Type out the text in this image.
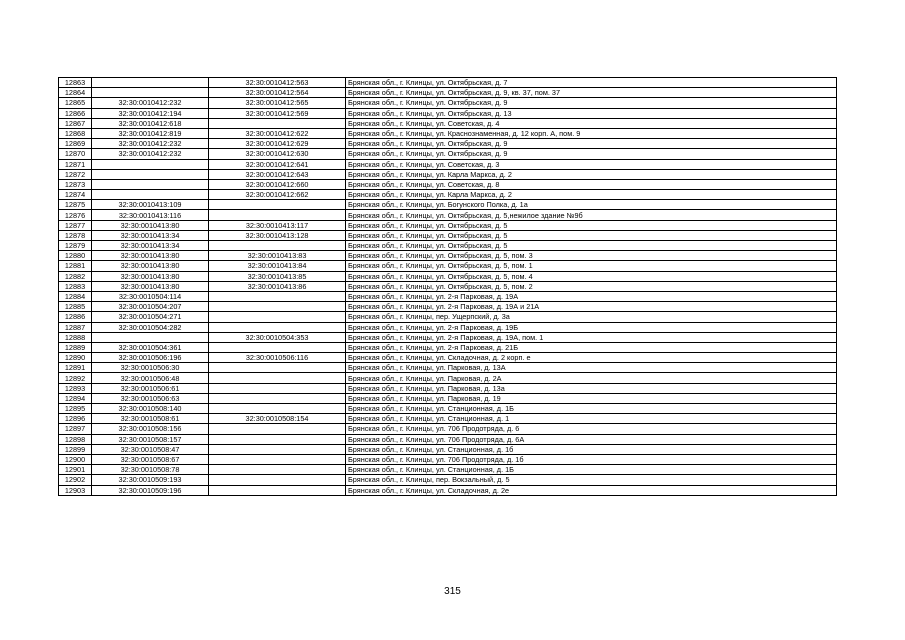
12863		32:30:0010412:563	Брянская обл., г. Клинцы, ул. Октябрьская, д. 7
12864		32:30:0010412:564	Брянская обл., г. Клинцы, ул. Октябрьская, д. 9, кв. 37, пом. 37
12865	32:30:0010412:232	32:30:0010412:565	Брянская обл., г. Клинцы, ул. Октябрьская, д. 9
12866	32:30:0010412:194	32:30:0010412:569	Брянская обл., г. Клинцы, ул. Октябрьская, д. 13
12867	32:30:0010412:618		Брянская обл., г. Клинцы, ул. Советская, д. 4
12868	32:30:0010412:819	32:30:0010412:622	Брянская обл., г. Клинцы, ул. Краснознаменная, д. 12 корп. А, пом. 9
12869	32:30:0010412:232	32:30:0010412:629	Брянская обл., г. Клинцы, ул. Октябрьская, д. 9
12870	32:30:0010412:232	32:30:0010412:630	Брянская обл., г. Клинцы, ул. Октябрьская, д. 9
12871		32:30:0010412:641	Брянская обл., г. Клинцы, ул. Советская, д. 3
12872		32:30:0010412:643	Брянская обл., г. Клинцы, ул. Карла Маркса, д. 2
12873		32:30:0010412:660	Брянская обл., г. Клинцы, ул. Советская, д. 8
12874		32:30:0010412:662	Брянская обл., г. Клинцы, ул. Карла Маркса, д. 2
12875	32:30:0010413:109		Брянская обл., г. Клинцы, ул. Богунского Полка, д. 1а
12876	32:30:0010413:116		Брянская обл., г. Клинцы, ул. Октябрьская, д. 5,нежилое здание №9б
12877	32:30:0010413:80	32:30:0010413:117	Брянская обл., г. Клинцы, ул. Октябрьская, д. 5
12878	32:30:0010413:34	32:30:0010413:128	Брянская обл., г. Клинцы, ул. Октябрьская, д. 5
12879	32:30:0010413:34		Брянская обл., г. Клинцы, ул. Октябрьская, д. 5
12880	32:30:0010413:80	32:30:0010413:83	Брянская обл., г. Клинцы, ул. Октябрьская, д. 5, пом. 3
12881	32:30:0010413:80	32:30:0010413:84	Брянская обл., г. Клинцы, ул. Октябрьская, д. 5, пом. 1
12882	32:30:0010413:80	32:30:0010413:85	Брянская обл., г. Клинцы, ул. Октябрьская, д. 5, пом. 4
12883	32:30:0010413:80	32:30:0010413:86	Брянская обл., г. Клинцы, ул. Октябрьская, д. 5, пом. 2
12884	32:30:0010504:114		Брянская обл., г. Клинцы, ул. 2-я Парковая, д. 19А
12885	32:30:0010504:207		Брянская обл., г. Клинцы, ул. 2-я Парковая, д. 19А и 21А
12886	32:30:0010504:271		Брянская обл., г. Клинцы, пер. Ущерпский, д. 3а
12887	32:30:0010504:282		Брянская обл., г. Клинцы, ул. 2-я Парковая, д. 19Б
12888		32:30:0010504:353	Брянская обл., г. Клинцы, ул. 2-я Парковая, д. 19А, пом. 1
12889	32:30:0010504:361		Брянская обл., г. Клинцы, ул. 2-я Парковая, д. 21Б
12890	32:30:0010506:196	32:30:0010506:116	Брянская обл., г. Клинцы, ул. Складочная, д. 2 корп. е
12891	32:30:0010506:30		Брянская обл., г. Клинцы, ул. Парковая, д. 13А
12892	32:30:0010506:48		Брянская обл., г. Клинцы, ул. Парковая, д. 2А
12893	32:30:0010506:61		Брянская обл., г. Клинцы, ул. Парковая, д. 13а
12894	32:30:0010506:63		Брянская обл., г. Клинцы, ул. Парковая, д. 19
12895	32:30:0010508:140		Брянская обл., г. Клинцы, ул. Станционная, д. 1Б
12896	32:30:0010508:61	32:30:0010508:154	Брянская обл., г. Клинцы, ул. Станционная, д. 1
12897	32:30:0010508:156		Брянская обл., г. Клинцы, ул. 706 Продотряда, д. 6
12898	32:30:0010508:157		Брянская обл., г. Клинцы, ул. 706 Продотряда, д. 6А
12899	32:30:0010508:47		Брянская обл., г. Клинцы, ул. Станционная, д. 1б
12900	32:30:0010508:67		Брянская обл., г. Клинцы, ул. 706 Продотряда, д. 1б
12901	32:30:0010508:78		Брянская обл., г. Клинцы, ул. Станционная, д. 1Б
12902	32:30:0010509:193		Брянская обл., г. Клинцы, пер. Вокзальный, д. 5
12903	32:30:0010509:196		Брянская обл., г. Клинцы, ул. Складочная, д. 2е
315
